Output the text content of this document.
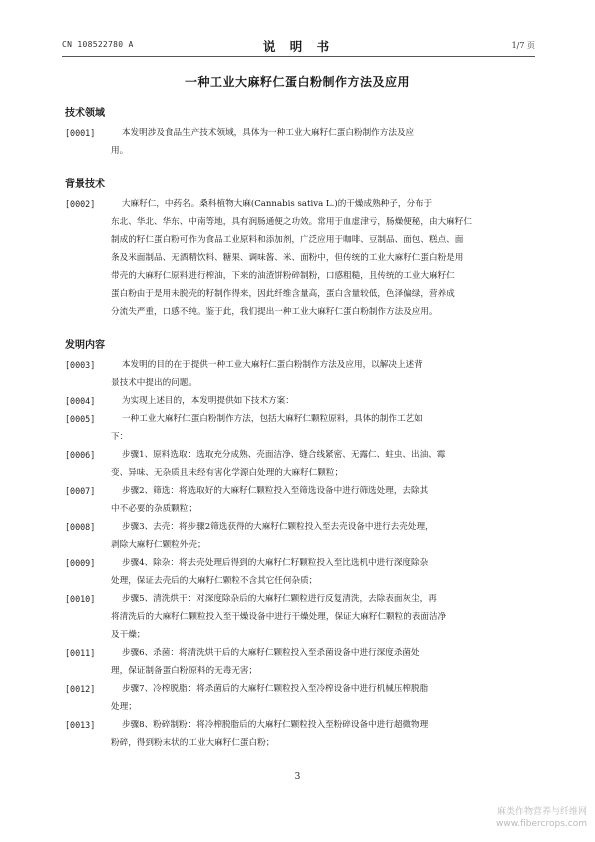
CN 108522780 A	说 明 书	1/7 页
一种工业大麻籽仁蛋白粉制作方法及应用
技术领域
[0001]	本发明涉及食品生产技术领域，具体为一种工业大麻籽仁蛋白粉制作方法及应
用。
背景技术
[0002]	大麻籽仁，中药名。桑科植物大麻(Cannabis sativa L.)的干燥成熟种子，分布于
东北、华北、华东、中南等地，具有润肠通便之功效。常用于血虚津亏，肠燥便秘，由大麻籽仁
制成的籽仁蛋白粉可作为食品工业原料和添加剂，广泛应用于咖啡、豆制品、面包、糕点、面
条及米面制品、无酒精饮料、糖果、调味酱、米、面粉中，但传统的工业大麻籽仁蛋白粉是用
带壳的大麻籽仁原料进行榨油，下来的油渣饼粉碎制粉，口感粗糙，且传统的工业大麻籽仁
蛋白粉由于是用未脱壳的籽制作得来，因此纤维含量高，蛋白含量较低，色泽偏绿，营养成
分流失严重，口感不纯。鉴于此，我们提出一种工业大麻籽仁蛋白粉制作方法及应用。
发明内容
[0003]	本发明的目的在于提供一种工业大麻籽仁蛋白粉制作方法及应用，以解决上述背
景技术中提出的问题。
[0004]	为实现上述目的，本发明提供如下技术方案：
[0005]	一种工业大麻籽仁蛋白粉制作方法，包括大麻籽仁颗粒原料，具体的制作工艺如
下：
[0006]	步骤1、原料选取：选取充分成熟、壳面洁净、缝合线紧密、无露仁、蛀虫、出油、霉
变、异味、无杂质且未经有害化学源白处理的大麻籽仁颗粒；
[0007]	步骤2、筛选：将选取好的大麻籽仁颗粒投入至筛选设备中进行筛选处理，去除其
中不必要的杂质颗粒；
[0008]	步骤3、去壳：将步骤2筛选获得的大麻籽仁颗粒投入至去壳设备中进行去壳处理，
剥除大麻籽仁颗粒外壳；
[0009]	步骤4、除杂：将去壳处理后得到的大麻籽仁籽颗粒投入至比选机中进行深度除杂
处理，保证去壳后的大麻籽仁颗粒不含其它任何杂质；
[0010]	步骤5、清洗烘干：对深度除杂后的大麻籽仁颗粒进行反复清洗，去除表面灰尘，再
将清洗后的大麻籽仁颗粒投入至干燥设备中进行干燥处理，保证大麻籽仁颗粒的表面洁净
及干燥；
[0011]	步骤6、杀菌：将清洗烘干后的大麻籽仁颗粒投入至杀菌设备中进行深度杀菌处
理，保证制备蛋白粉原料的无毒无害；
[0012]	步骤7、冷榨脱脂：将杀菌后的大麻籽仁颗粒投入至冷榨设备中进行机械压榨脱脂
处理；
[0013]	步骤8、粉碎制粉：将冷榨脱脂后的大麻籽仁颗粒投入至粉碎设备中进行超微物理
粉碎，得到粉末状的工业大麻籽仁蛋白粉；
3
麻类作物营养与纤维网
www.fibercrops.com
